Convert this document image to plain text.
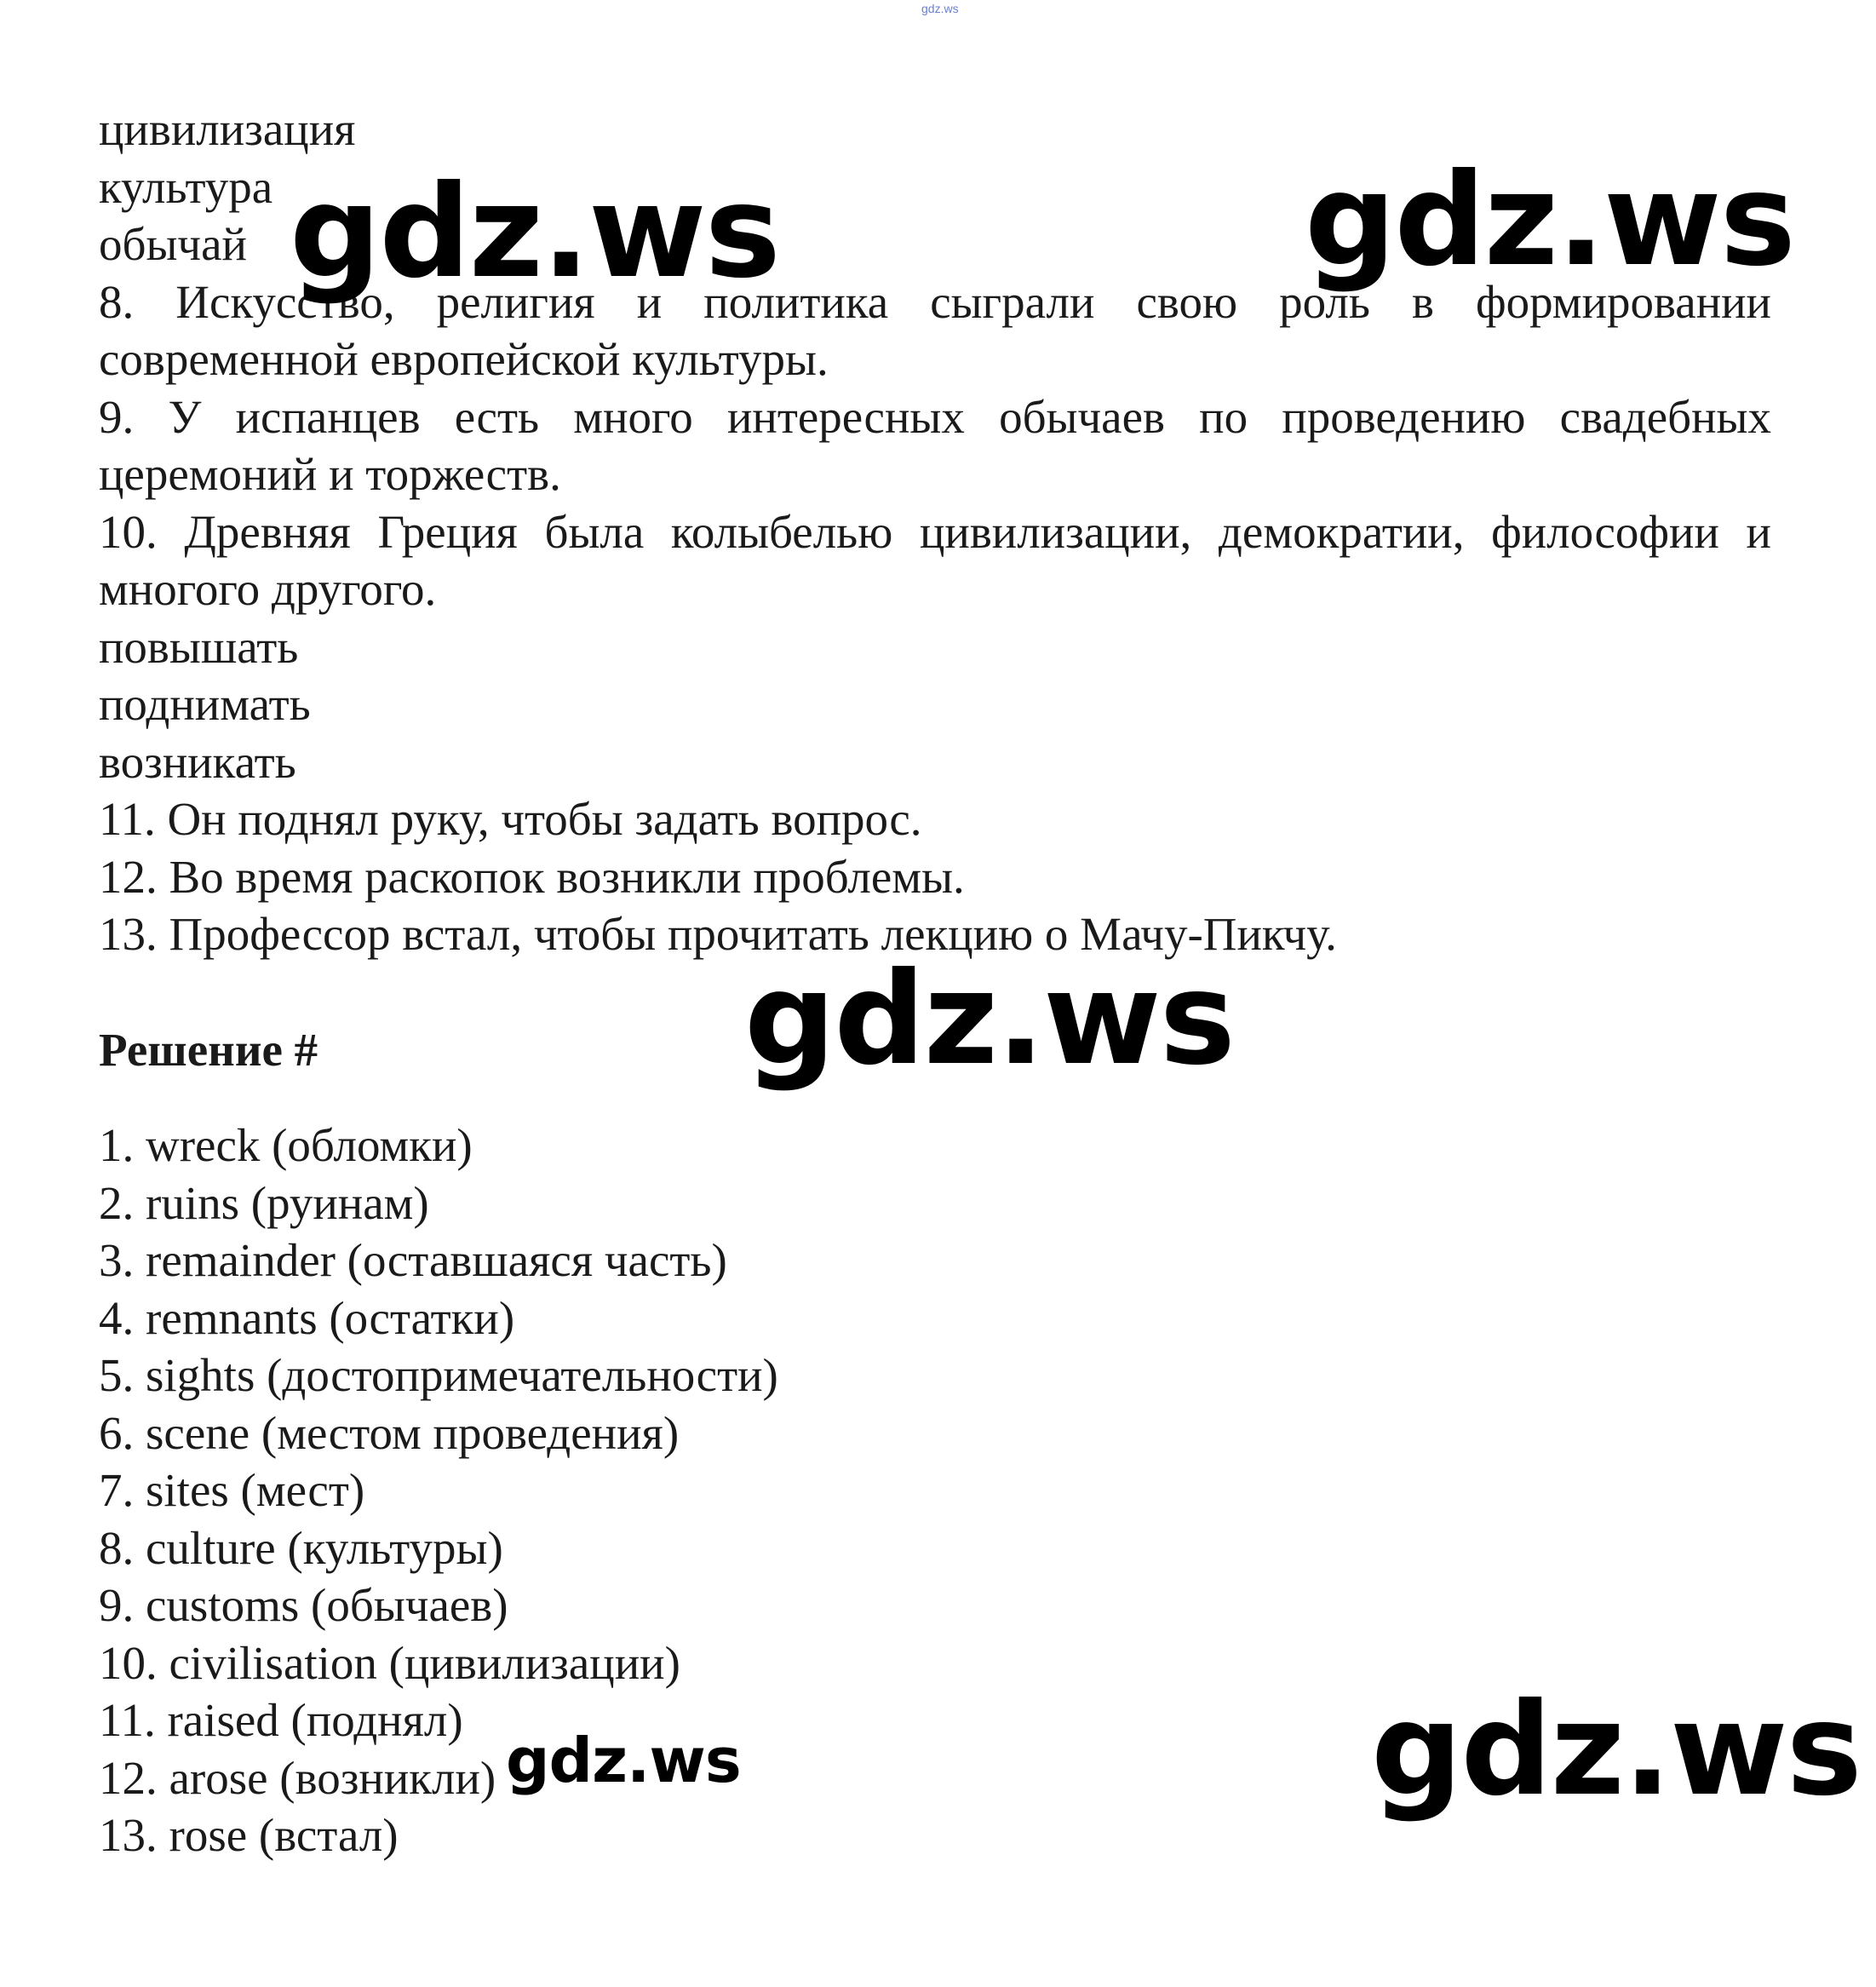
gdz.ws
цивилизация
культура
обычай
8. Искусство, религия и политика сыграли свою роль в формировании
современной европейской культуры.
9. У испанцев есть много интересных обычаев по проведению свадебных
церемоний и торжеств.
10. Древняя Греция была колыбелью цивилизации, демократии, философии и
многого другого.
повышать
поднимать
возникать
11. Он поднял руку, чтобы задать вопрос.
12. Во время раскопок возникли проблемы.
13. Профессор встал, чтобы прочитать лекцию о Мачу-Пикчу.
Решение #
1. wreck (обломки)
2. ruins (руинам)
3. remainder (оставшаяся часть)
4. remnants (остатки)
5. sights (достопримечательности)
6. scene (местом проведения)
7. sites (мест)
8. culture (культуры)
9. customs (обычаев)
10. civilisation (цивилизации)
11. raised (поднял)
12. arose (возникли)
13. rose (встал)
gdz.ws	gdz.ws
gdz.ws
gdz.ws	gdz.ws
